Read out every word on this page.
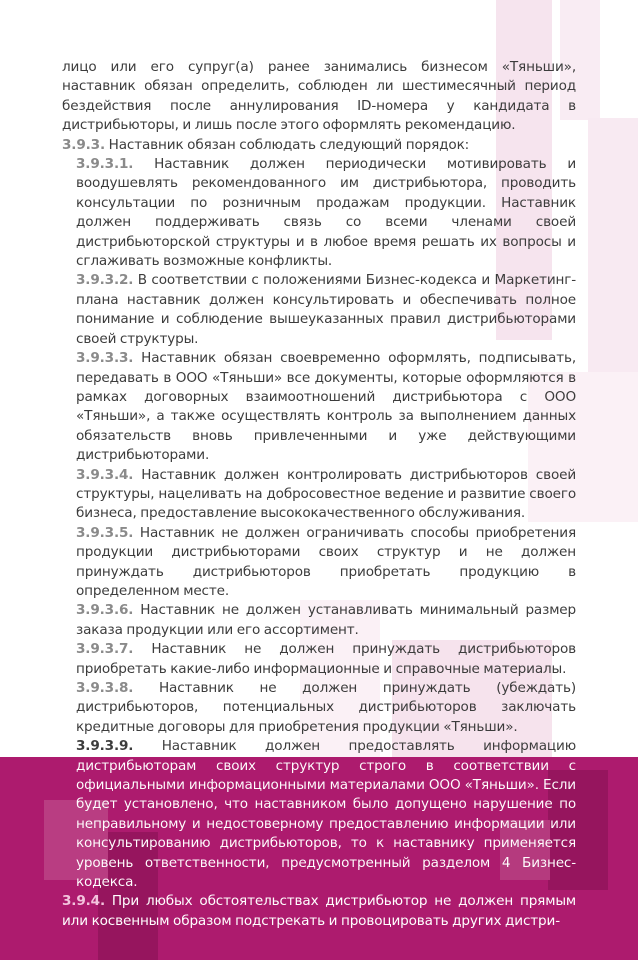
лицо или его супруг(а) ранее занимались бизнесом «Тяньши», наставник обязан определить, соблюден ли шестимесячный период бездействия после аннулирования ID-номера у кандидата в дистрибьюторы, и лишь после этого оформлять рекомендацию.

3.9.3. Наставник обязан соблюдать следующий порядок:

3.9.3.1. Наставник должен периодически мотивировать и воодушевлять рекомендованного им дистрибьютора, проводить консультации по розничным продажам продукции. Наставник должен поддерживать связь со всеми членами своей дистрибьюторской структуры и в любое время решать их вопросы и сглаживать возможные конфликты.

3.9.3.2. В соответствии с положениями Бизнес-кодекса и Маркетинг-плана наставник должен консультировать и обеспечивать полное понимание и соблюдение вышеуказанных правил дистрибьюторами своей структуры.

3.9.3.3. Наставник обязан своевременно оформлять, подписывать, передавать в ООО «Тяньши» все документы, которые оформляются в рамках договорных взаимоотношений дистрибьютора с ООО «Тяньши», а также осуществлять контроль за выполнением данных обязательств вновь привлеченными и уже действующими дистрибьюторами.

3.9.3.4. Наставник должен контролировать дистрибьюторов своей структуры, нацеливать на добросовестное ведение и развитие своего бизнеса, предоставление высококачественного обслуживания.

3.9.3.5. Наставник не должен ограничивать способы приобретения продукции дистрибьюторами своих структур и не должен принуждать дистрибьюторов приобретать продукцию в определенном месте.

3.9.3.6. Наставник не должен устанавливать минимальный размер заказа продукции или его ассортимент.

3.9.3.7. Наставник не должен принуждать дистрибьюторов приобретать какие-либо информационные и справочные материалы.

3.9.3.8. Наставник не должен принуждать (убеждать) дистрибьюторов, потенциальных дистрибьюторов заключать кредитные договоры для приобретения продукции «Тяньши».

3.9.3.9. Наставник должен предоставлять информацию дистрибьюторам своих структур строго в соответствии с официальными информационными материалами ООО «Тяньши». Если будет установлено, что наставником было допущено нарушение по неправильному и недостоверному предоставлению информации или консультированию дистрибьюторов, то к наставнику применяется уровень ответственности, предусмотренный разделом 4 Бизнес-кодекса.

3.9.4. При любых обстоятельствах дистрибьютор не должен прямым или косвенным образом подстрекать и провоцировать других дистри-
